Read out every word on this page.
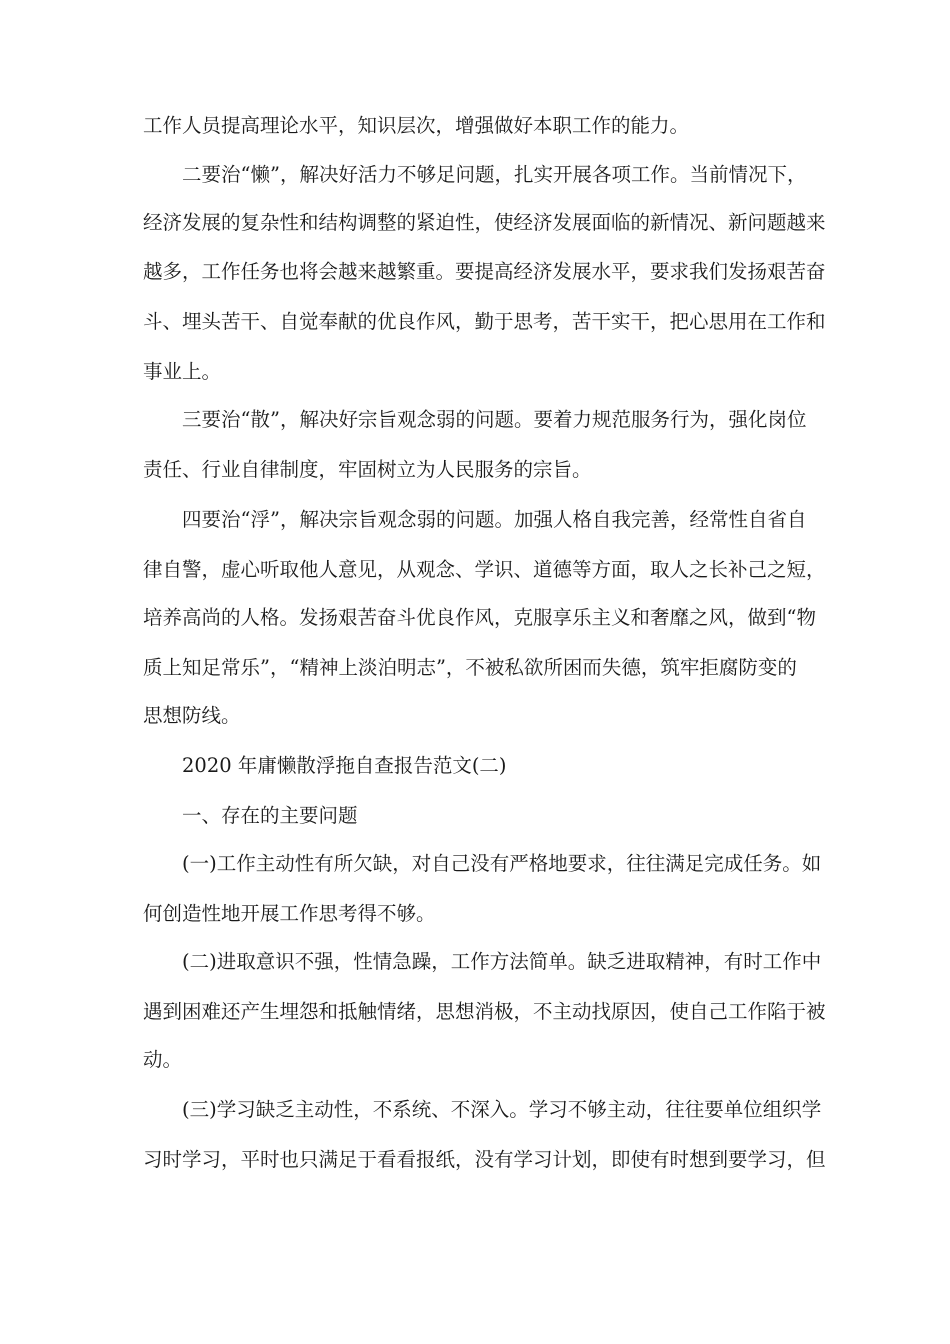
工作人员提高理论水平，知识层次，增强做好本职工作的能力。
二要治“懒”，解决好活力不够足问题，扎实开展各项工作。当前情况下，
经济发展的复杂性和结构调整的紧迫性，使经济发展面临的新情况、新问题越来
越多，工作任务也将会越来越繁重。要提高经济发展水平，要求我们发扬艰苦奋
斗、埋头苦干、自觉奉献的优良作风，勤于思考，苦干实干，把心思用在工作和
事业上。
三要治“散”，解决好宗旨观念弱的问题。要着力规范服务行为，强化岗位
责任、行业自律制度，牢固树立为人民服务的宗旨。
四要治“浮”，解决宗旨观念弱的问题。加强人格自我完善，经常性自省自
律自警，虚心听取他人意见，从观念、学识、道德等方面，取人之长补己之短，
培养高尚的人格。发扬艰苦奋斗优良作风，克服享乐主义和奢靡之风，做到“物
质上知足常乐”，“精神上淡泊明志”，不被私欲所困而失德，筑牢拒腐防变的
思想防线。
2020 年庸懒散浮拖自查报告范文(二)
一、存在的主要问题
(一)工作主动性有所欠缺，对自己没有严格地要求，往往满足完成任务。如
何创造性地开展工作思考得不够。
(二)进取意识不强，性情急躁，工作方法简单。缺乏进取精神，有时工作中
遇到困难还产生埋怨和抵触情绪，思想消极，不主动找原因，使自己工作陷于被
动。
(三)学习缺乏主动性，不系统、不深入。学习不够主动，往往要单位组织学
习时学习，平时也只满足于看看报纸，没有学习计划，即使有时想到要学习，但
